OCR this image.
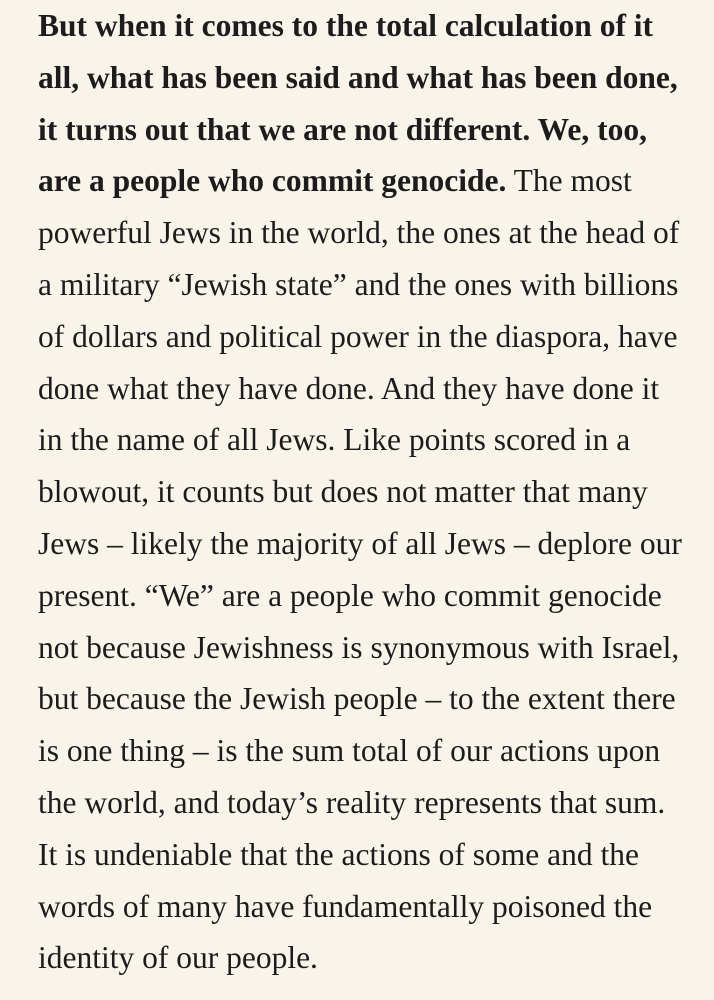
But when it comes to the total calculation of it
all, what has been said and what has been done,
it turns out that we are not different. We, too,
are a people who commit genocide. The most
powerful Jews in the world, the ones at the head of
a military “Jewish state” and the ones with billions
of dollars and political power in the diaspora, have
done what they have done. And they have done it
in the name of all Jews. Like points scored in a
blowout, it counts but does not matter that many
Jews – likely the majority of all Jews – deplore our
present. “We” are a people who commit genocide
not because Jewishness is synonymous with Israel,
but because the Jewish people – to the extent there
is one thing – is the sum total of our actions upon
the world, and today’s reality represents that sum.
It is undeniable that the actions of some and the
words of many have fundamentally poisoned the
identity of our people.
